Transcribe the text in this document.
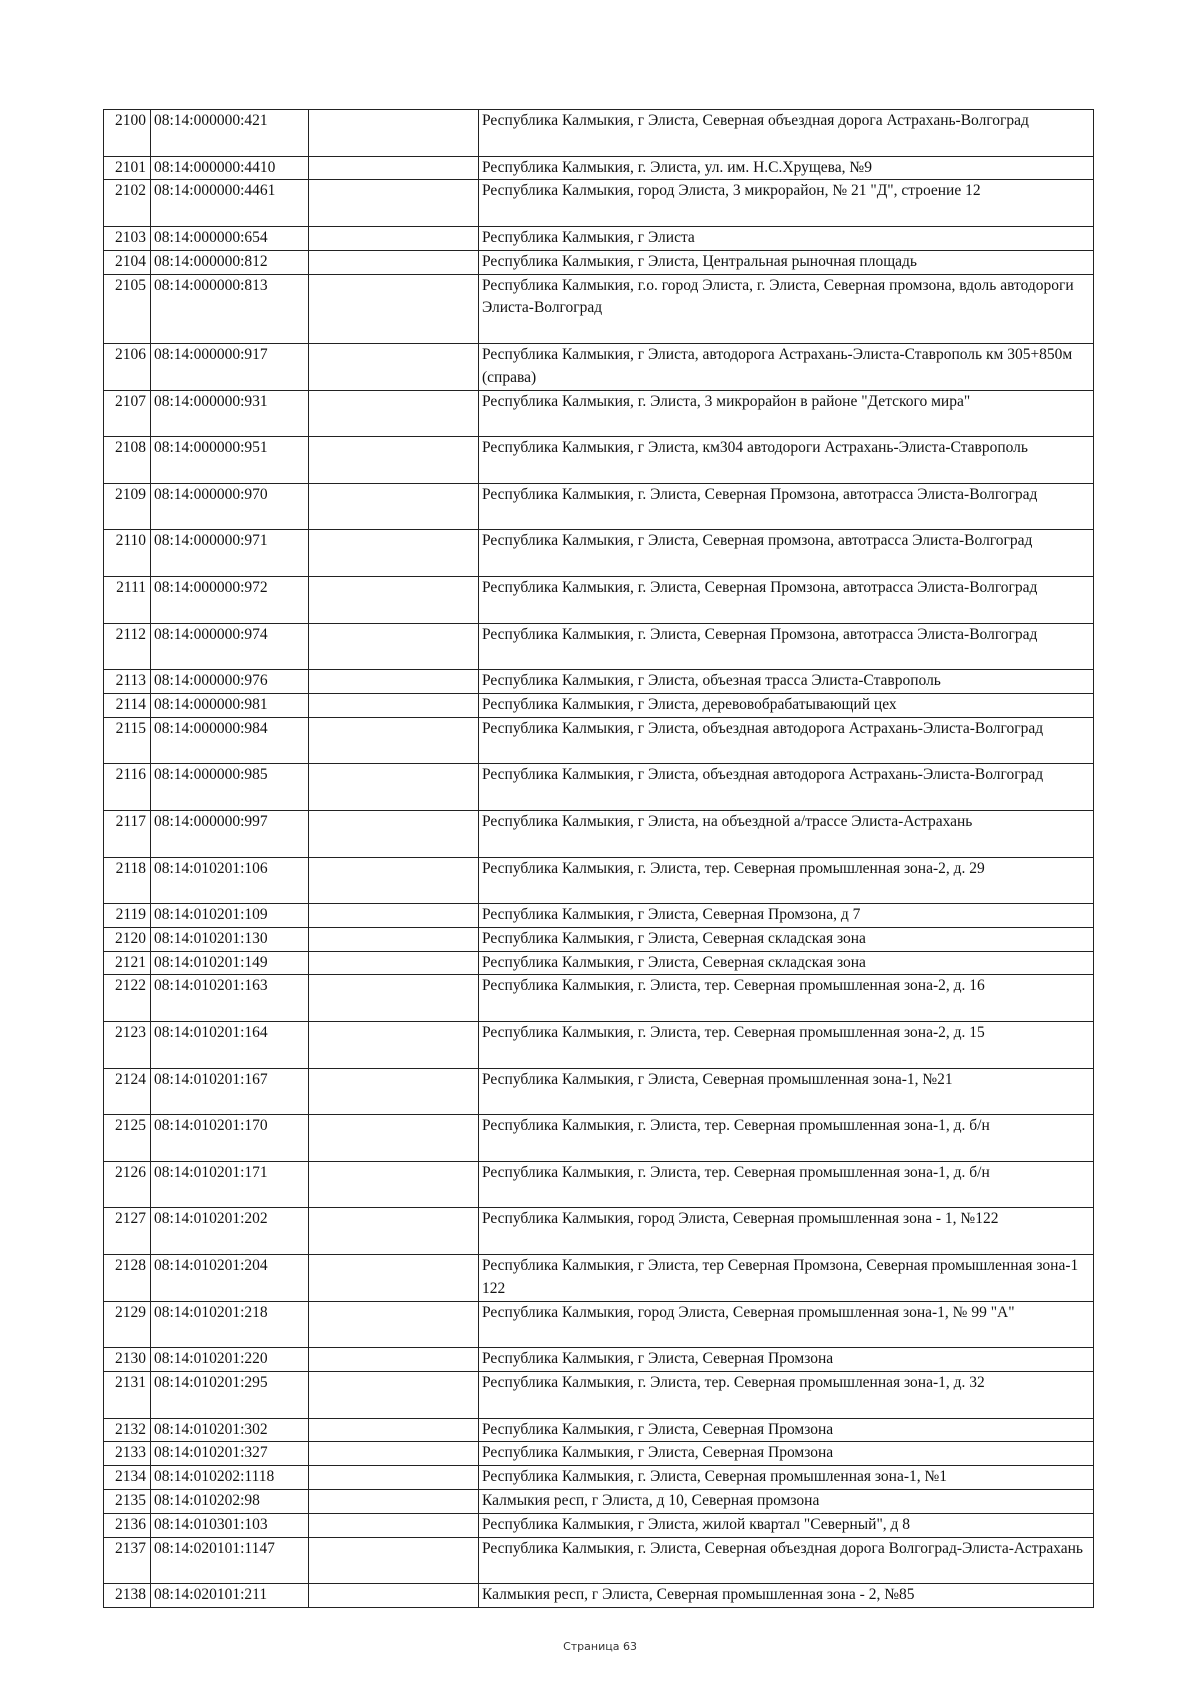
2100	08:14:000000:421		Республика Калмыкия, г Элиста, Северная объездная дорога Астрахань-Волгоград
2101	08:14:000000:4410		Республика Калмыкия, г. Элиста, ул. им. Н.С.Хрущева, №9
2102	08:14:000000:4461		Республика Калмыкия, город Элиста, 3 микрорайон, № 21 "Д", строение 12
2103	08:14:000000:654		Республика Калмыкия, г Элиста
2104	08:14:000000:812		Республика Калмыкия, г Элиста, Центральная рыночная площадь
2105	08:14:000000:813		Республика Калмыкия, г.о. город Элиста, г. Элиста, Северная промзона, вдоль автодороги Элиста-Волгоград
2106	08:14:000000:917		Республика Калмыкия, г Элиста, автодорога Астрахань-Элиста-Ставрополь км 305+850м (справа)
2107	08:14:000000:931		Республика Калмыкия, г. Элиста, 3 микрорайон в районе "Детского мира"
2108	08:14:000000:951		Республика Калмыкия, г Элиста, км304 автодороги Астрахань-Элиста-Ставрополь
2109	08:14:000000:970		Республика Калмыкия, г. Элиста, Северная Промзона, автотрасса Элиста-Волгоград
2110	08:14:000000:971		Республика Калмыкия, г Элиста, Северная промзона, автотрасса Элиста-Волгоград
2111	08:14:000000:972		Республика Калмыкия, г. Элиста, Северная Промзона, автотрасса Элиста-Волгоград
2112	08:14:000000:974		Республика Калмыкия, г. Элиста, Северная Промзона, автотрасса Элиста-Волгоград
2113	08:14:000000:976		Республика Калмыкия, г Элиста, объезная трасса Элиста-Ставрополь
2114	08:14:000000:981		Республика Калмыкия, г Элиста, деревовобрабатывающий цех
2115	08:14:000000:984		Республика Калмыкия, г Элиста, объездная автодорога Астрахань-Элиста-Волгоград
2116	08:14:000000:985		Республика Калмыкия, г Элиста, объездная автодорога Астрахань-Элиста-Волгоград
2117	08:14:000000:997		Республика Калмыкия, г Элиста, на объездной а/трассе Элиста-Астрахань
2118	08:14:010201:106		Республика Калмыкия, г. Элиста, тер. Северная промышленная зона-2, д. 29
2119	08:14:010201:109		Республика Калмыкия, г Элиста, Северная Промзона, д 7
2120	08:14:010201:130		Республика Калмыкия, г Элиста, Северная складская зона
2121	08:14:010201:149		Республика Калмыкия, г Элиста, Северная складская зона
2122	08:14:010201:163		Республика Калмыкия, г. Элиста, тер. Северная промышленная зона-2, д. 16
2123	08:14:010201:164		Республика Калмыкия, г. Элиста, тер. Северная промышленная зона-2, д. 15
2124	08:14:010201:167		Республика Калмыкия, г Элиста, Северная промышленная зона-1, №21
2125	08:14:010201:170		Республика Калмыкия, г. Элиста, тер. Северная промышленная зона-1, д. б/н
2126	08:14:010201:171		Республика Калмыкия, г. Элиста, тер. Северная промышленная зона-1, д. б/н
2127	08:14:010201:202		Республика Калмыкия, город Элиста, Северная промышленная зона - 1, №122
2128	08:14:010201:204		Республика Калмыкия, г Элиста, тер Северная Промзона, Северная промышленная зона-1 122
2129	08:14:010201:218		Республика Калмыкия, город Элиста, Северная промышленная зона-1, № 99 "А"
2130	08:14:010201:220		Республика Калмыкия, г Элиста, Северная Промзона
2131	08:14:010201:295		Республика Калмыкия, г. Элиста, тер. Северная промышленная зона-1, д. 32
2132	08:14:010201:302		Республика Калмыкия, г Элиста, Северная Промзона
2133	08:14:010201:327		Республика Калмыкия, г Элиста, Северная Промзона
2134	08:14:010202:1118		Республика Калмыкия, г. Элиста, Северная промышленная зона-1, №1
2135	08:14:010202:98		Калмыкия респ, г Элиста, д 10, Северная промзона
2136	08:14:010301:103		Республика Калмыкия, г Элиста, жилой квартал "Северный", д 8
2137	08:14:020101:1147		Республика Калмыкия, г. Элиста, Северная объездная дорога Волгоград-Элиста-Астрахань
2138	08:14:020101:211		Калмыкия респ, г Элиста, Северная промышленная зона - 2, №85
Страница 63
